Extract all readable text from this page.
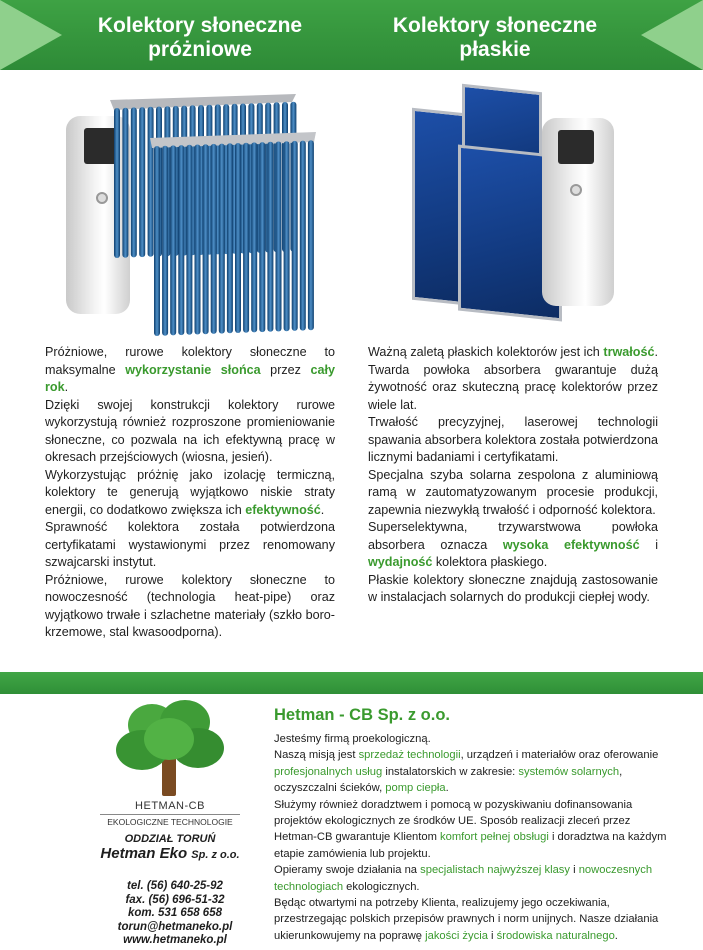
Kolektory słoneczne
próżniowe
Kolektory słoneczne
płaskie

Próżniowe, rurowe kolektory słoneczne to maksymalne wykorzystanie słońca przez cały rok.

Dzięki swojej konstrukcji kolektory rurowe wykorzystują również rozproszone promieniowanie słoneczne, co pozwala na ich efektywną pracę w okresach przejściowych (wiosna, jesień).

Wykorzystując próżnię jako izolację termiczną, kolektory te generują wyjątkowo niskie straty energii, co dodatkowo zwiększa ich efektywność.

Sprawność kolektora została potwierdzona certyfikatami wystawionymi przez renomowany szwajcarski instytut.

Próżniowe, rurowe kolektory słoneczne to nowoczesność (technologia heat-pipe) oraz wyjątkowo trwałe i szlachetne materiały (szkło boro-krzemowe, stal kwasoodporna).

Ważną zaletą płaskich kolektorów jest ich trwałość. Twarda powłoka absorbera gwarantuje dużą żywotność oraz skuteczną pracę kolektorów przez wiele lat.

Trwałość precyzyjnej, laserowej technologii spawania absorbera kolektora została potwierdzona licznymi badaniami i certyfikatami.

Specjalna szyba solarna zespolona z aluminiową ramą w zautomatyzowanym procesie produkcji, zapewnia niezwykłą trwałość i odporność kolektora.

Superselektywna, trzywarstwowa powłoka absorbera oznacza wysoka efektywność i wydajność kolektora płaskiego.

Płaskie kolektory słoneczne znajdują zastosowanie w instalacjach solarnych do produkcji ciepłej wody.

HETMAN-CB
EKOLOGICZNE TECHNOLOGIE
ODDZIAŁ TORUŃ
Hetman Eko Sp. z o.o.
tel. (56) 640-25-92
fax. (56) 696-51-32
kom. 531 658 658
torun@hetmaneko.pl
www.hetmaneko.pl
Hetman - CB Sp. z o.o.
Jesteśmy firmą proekologiczną.
Naszą misją jest sprzedaż technologii, urządzeń i materiałów oraz oferowanie profesjonalnych usług instalatorskich w zakresie: systemów solarnych, oczyszczalni ścieków, pomp ciepła.
Służymy również doradztwem i pomocą w pozyskiwaniu dofinansowania projektów ekologicznych ze środków UE. Sposób realizacji zleceń przez Hetman-CB gwarantuje Klientom komfort pełnej obsługi i doradztwa na każdym etapie zamówienia lub projektu.
Opieramy swoje działania na specjalistach najwyższej klasy i nowoczesnych technologiach ekologicznych.
Będąc otwartymi na potrzeby Klienta, realizujemy jego oczekiwania, przestrzegając polskich przepisów prawnych i norm unijnych. Nasze działania ukierunkowujemy na poprawę jakości życia i środowiska naturalnego.
